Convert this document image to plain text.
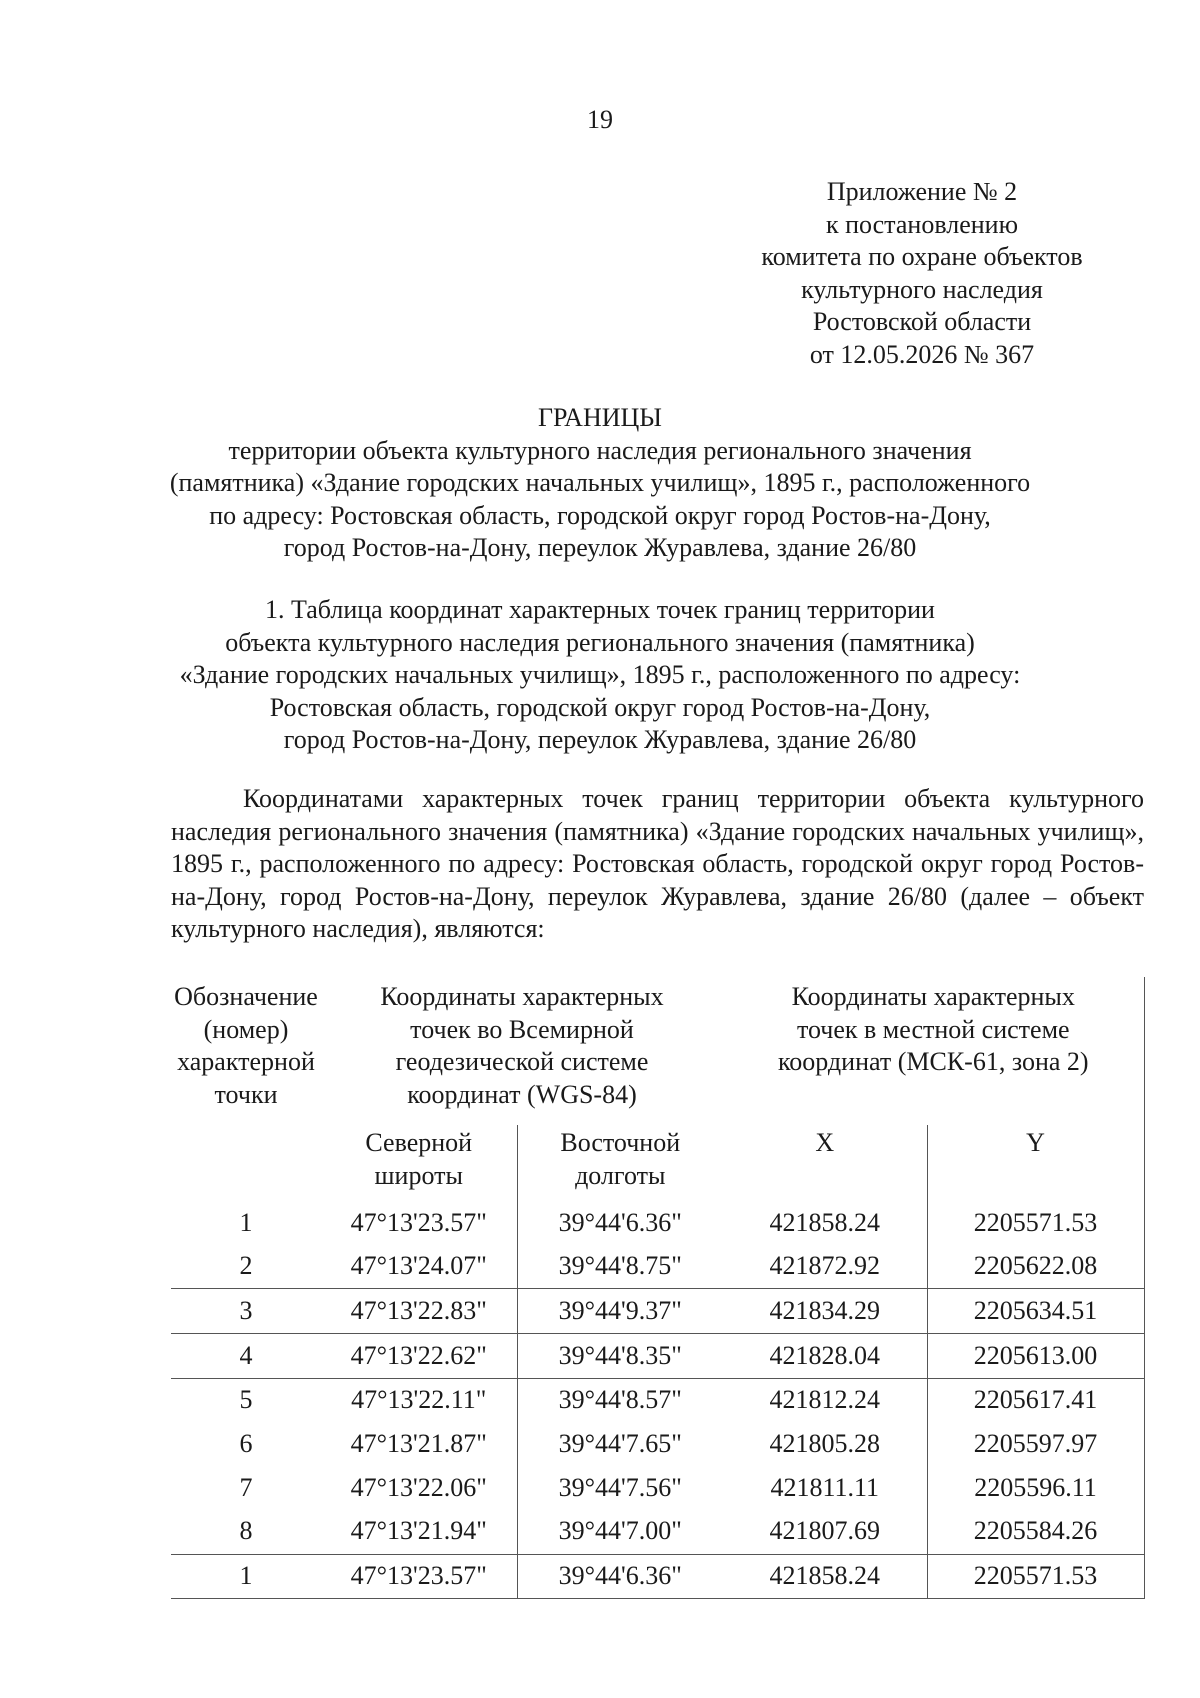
19
Приложение № 2
к постановлению
комитета по охране объектов
культурного наследия
Ростовской области
от 12.05.2026 № 367
ГРАНИЦЫ
территории объекта культурного наследия регионального значения
(памятника) «Здание городских начальных училищ», 1895 г., расположенного
по адресу: Ростовская область, городской округ город Ростов-на-Дону,
город Ростов-на-Дону, переулок Журавлева, здание 26/80
1. Таблица координат характерных точек границ территории
объекта культурного наследия регионального значения (памятника)
«Здание городских начальных училищ», 1895 г., расположенного по адресу:
Ростовская область, городской округ город Ростов-на-Дону,
город Ростов-на-Дону, переулок Журавлева, здание 26/80

Координатами характерных точек границ территории объекта культурного наследия регионального значения (памятника) «Здание городских начальных училищ», 1895 г., расположенного по адресу: Ростовская область, городской округ город Ростов-на-Дону, город Ростов-на-Дону, переулок Журавлева, здание 26/80 (далее – объект культурного наследия), являются:

Обозначение
(номер)
характерной
точки	Координаты характерных
точек во Всемирной
геодезической системе
координат (WGS-84)		Координаты характерных
точек в местной системе
координат (МСК-61, зона 2)	

	Северной
широты	Восточной
долготы	X	Y
1	47°13'23.57"	39°44'6.36"	421858.24	2205571.53
2	47°13'24.07"	39°44'8.75"	421872.92	2205622.08
3	47°13'22.83"	39°44'9.37"	421834.29	2205634.51
4	47°13'22.62"	39°44'8.35"	421828.04	2205613.00
5	47°13'22.11"	39°44'8.57"	421812.24	2205617.41
6	47°13'21.87"	39°44'7.65"	421805.28	2205597.97
7	47°13'22.06"	39°44'7.56"	421811.11	2205596.11
8	47°13'21.94"	39°44'7.00"	421807.69	2205584.26
1	47°13'23.57"	39°44'6.36"	421858.24	2205571.53
